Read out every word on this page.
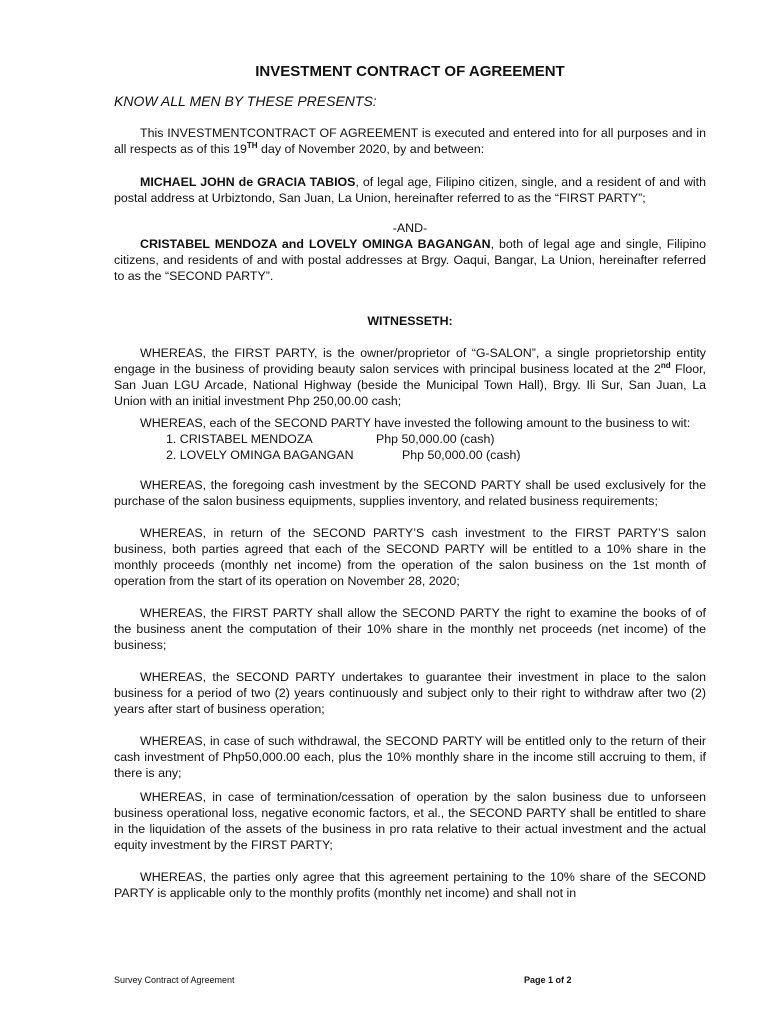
INVESTMENT CONTRACT OF AGREEMENT
KNOW ALL MEN BY THESE PRESENTS:

This INVESTMENTCONTRACT OF AGREEMENT is executed and entered into for all purposes and in all respects as of this 19TH day of November 2020, by and between:

MICHAEL JOHN de GRACIA TABIOS, of legal age, Filipino citizen, single, and a resident of and with postal address at Urbiztondo, San Juan, La Union, hereinafter referred to as the “FIRST PARTY”;

-AND-

CRISTABEL MENDOZA and LOVELY OMINGA BAGANGAN, both of legal age and single, Filipino citizens, and residents of and with postal addresses at Brgy. Oaqui, Bangar, La Union, hereinafter referred to as the “SECOND PARTY”.

WITNESSETH:

WHEREAS, the FIRST PARTY, is the owner/proprietor of “G-SALON”, a single proprietorship entity engage in the business of providing beauty salon services with principal business located at the 2nd Floor, San Juan LGU Arcade, National Highway (beside the Municipal Town Hall), Brgy. Ili Sur, San Juan, La Union with an initial investment Php 250,00.00 cash;

WHEREAS, each of the SECOND PARTY have invested the following amount to the business to wit:

1. CRISTABEL MENDOZA	Php 50,000.00 (cash)
2. LOVELY OMINGA BAGANGAN	Php 50,000.00 (cash)

WHEREAS, the foregoing cash investment by the SECOND PARTY shall be used exclusively for the purchase of the salon business equipments, supplies inventory, and related business requirements;

WHEREAS, in return of the SECOND PARTY’S cash investment to the FIRST PARTY’S salon business, both parties agreed that each of the SECOND PARTY will be entitled to a 10% share in the monthly proceeds (monthly net income) from the operation of the salon business on the 1st month of operation from the start of its operation on November 28, 2020;

WHEREAS, the FIRST PARTY shall allow the SECOND PARTY the right to examine the books of of the business anent the computation of their 10% share in the monthly net proceeds (net income) of the business;

WHEREAS, the SECOND PARTY undertakes to guarantee their investment in place to the salon business for a period of two (2) years continuously and subject only to their right to withdraw after two (2) years after start of business operation;

WHEREAS, in case of such withdrawal, the SECOND PARTY will be entitled only to the return of their cash investment of Php50,000.00 each, plus the 10% monthly share in the income still accruing to them, if there is any;

WHEREAS, in case of termination/cessation of operation by the salon business due to unforseen business operational loss, negative economic factors, et al., the SECOND PARTY shall be entitled to share in the liquidation of the assets of the business in pro rata relative to their actual investment and the actual equity investment by the FIRST PARTY;

WHEREAS, the parties only agree that this agreement pertaining to the 10% share of the SECOND PARTY is applicable only to the monthly profits (monthly net income) and shall not in

Survey Contract of Agreement	Page 1 of 2
